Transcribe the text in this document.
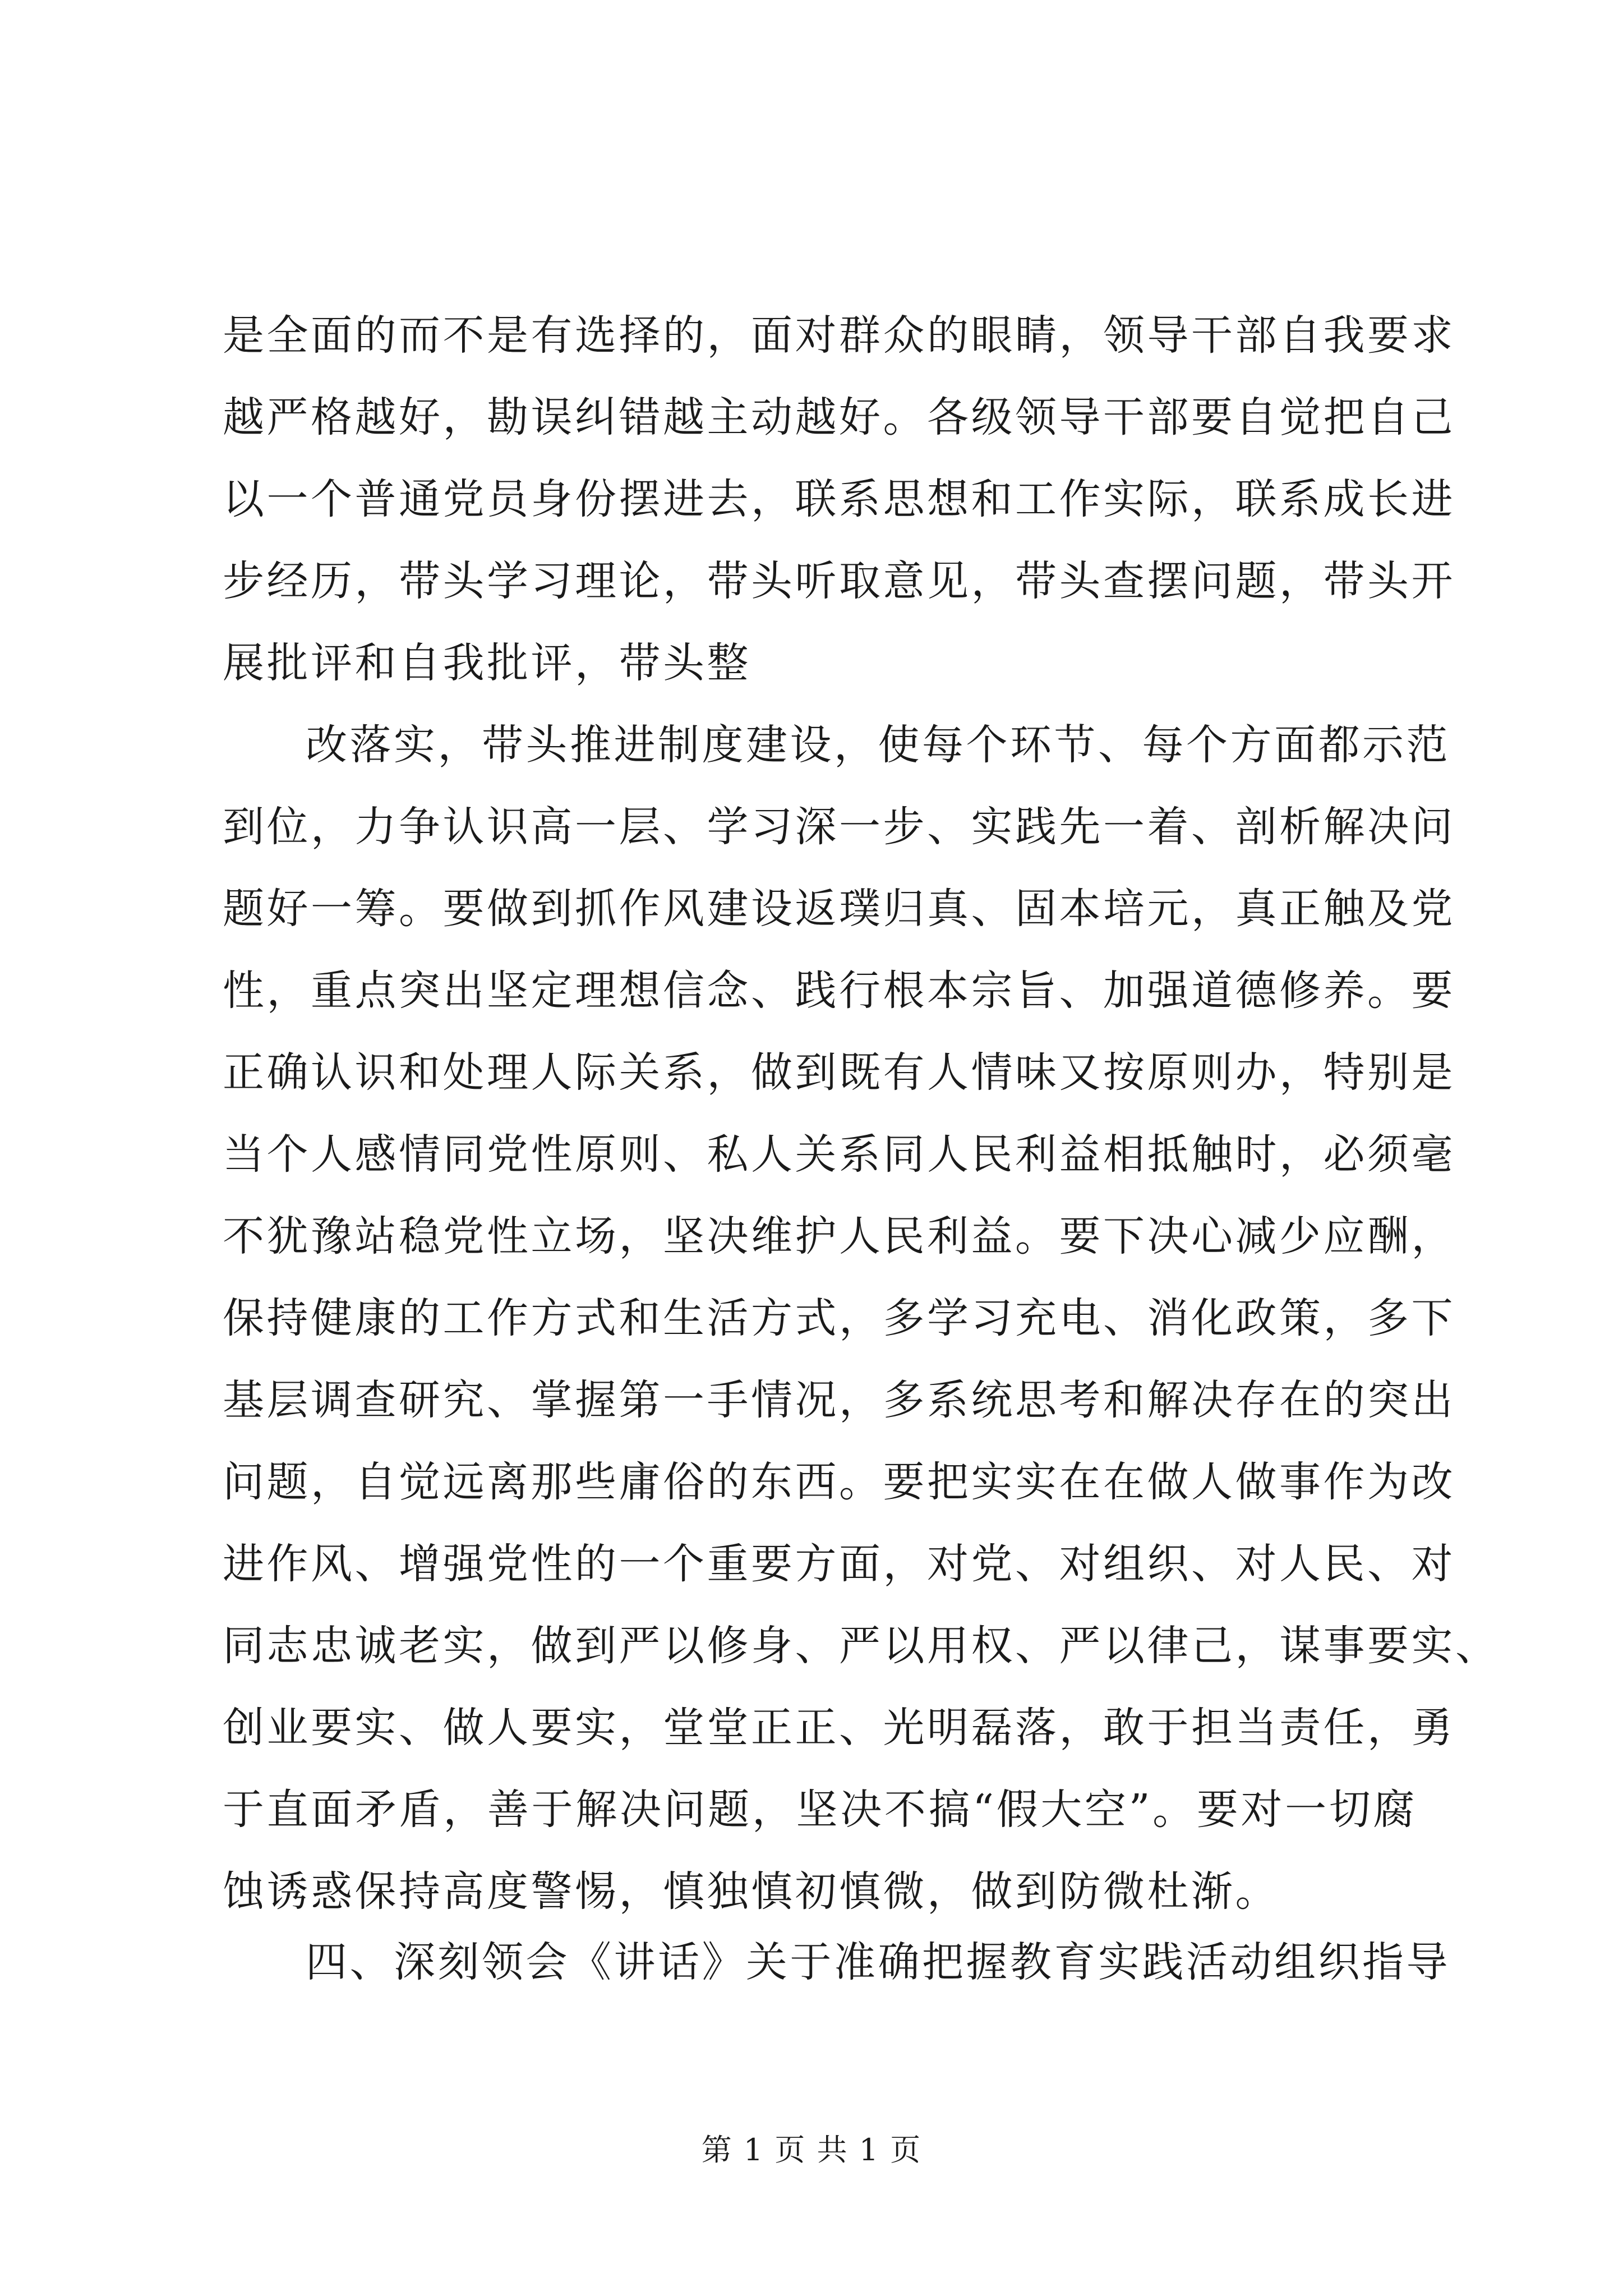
是全面的而不是有选择的，面对群众的眼睛，领导干部自我要求
越严格越好，勘误纠错越主动越好。各级领导干部要自觉把自己
以一个普通党员身份摆进去，联系思想和工作实际，联系成长进
步经历，带头学习理论，带头听取意见，带头查摆问题，带头开
展批评和自我批评，带头整
改落实，带头推进制度建设，使每个环节、每个方面都示范
到位，力争认识高一层、学习深一步、实践先一着、剖析解决问
题好一筹。要做到抓作风建设返璞归真、固本培元，真正触及党
性，重点突出坚定理想信念、践行根本宗旨、加强道德修养。要
正确认识和处理人际关系，做到既有人情味又按原则办，特别是
当个人感情同党性原则、私人关系同人民利益相抵触时，必须毫
不犹豫站稳党性立场，坚决维护人民利益。要下决心减少应酬，
保持健康的工作方式和生活方式，多学习充电、消化政策，多下
基层调查研究、掌握第一手情况，多系统思考和解决存在的突出
问题，自觉远离那些庸俗的东西。要把实实在在做人做事作为改
进作风、增强党性的一个重要方面，对党、对组织、对人民、对
同志忠诚老实，做到严以修身、严以用权、严以律己，谋事要实、
创业要实、做人要实，堂堂正正、光明磊落，敢于担当责任，勇
于直面矛盾，善于解决问题，坚决不搞“假大空”。要对一切腐
蚀诱惑保持高度警惕，慎独慎初慎微，做到防微杜渐。
四、深刻领会《讲话》关于准确把握教育实践活动组织指导
第 1 页 共 1 页
